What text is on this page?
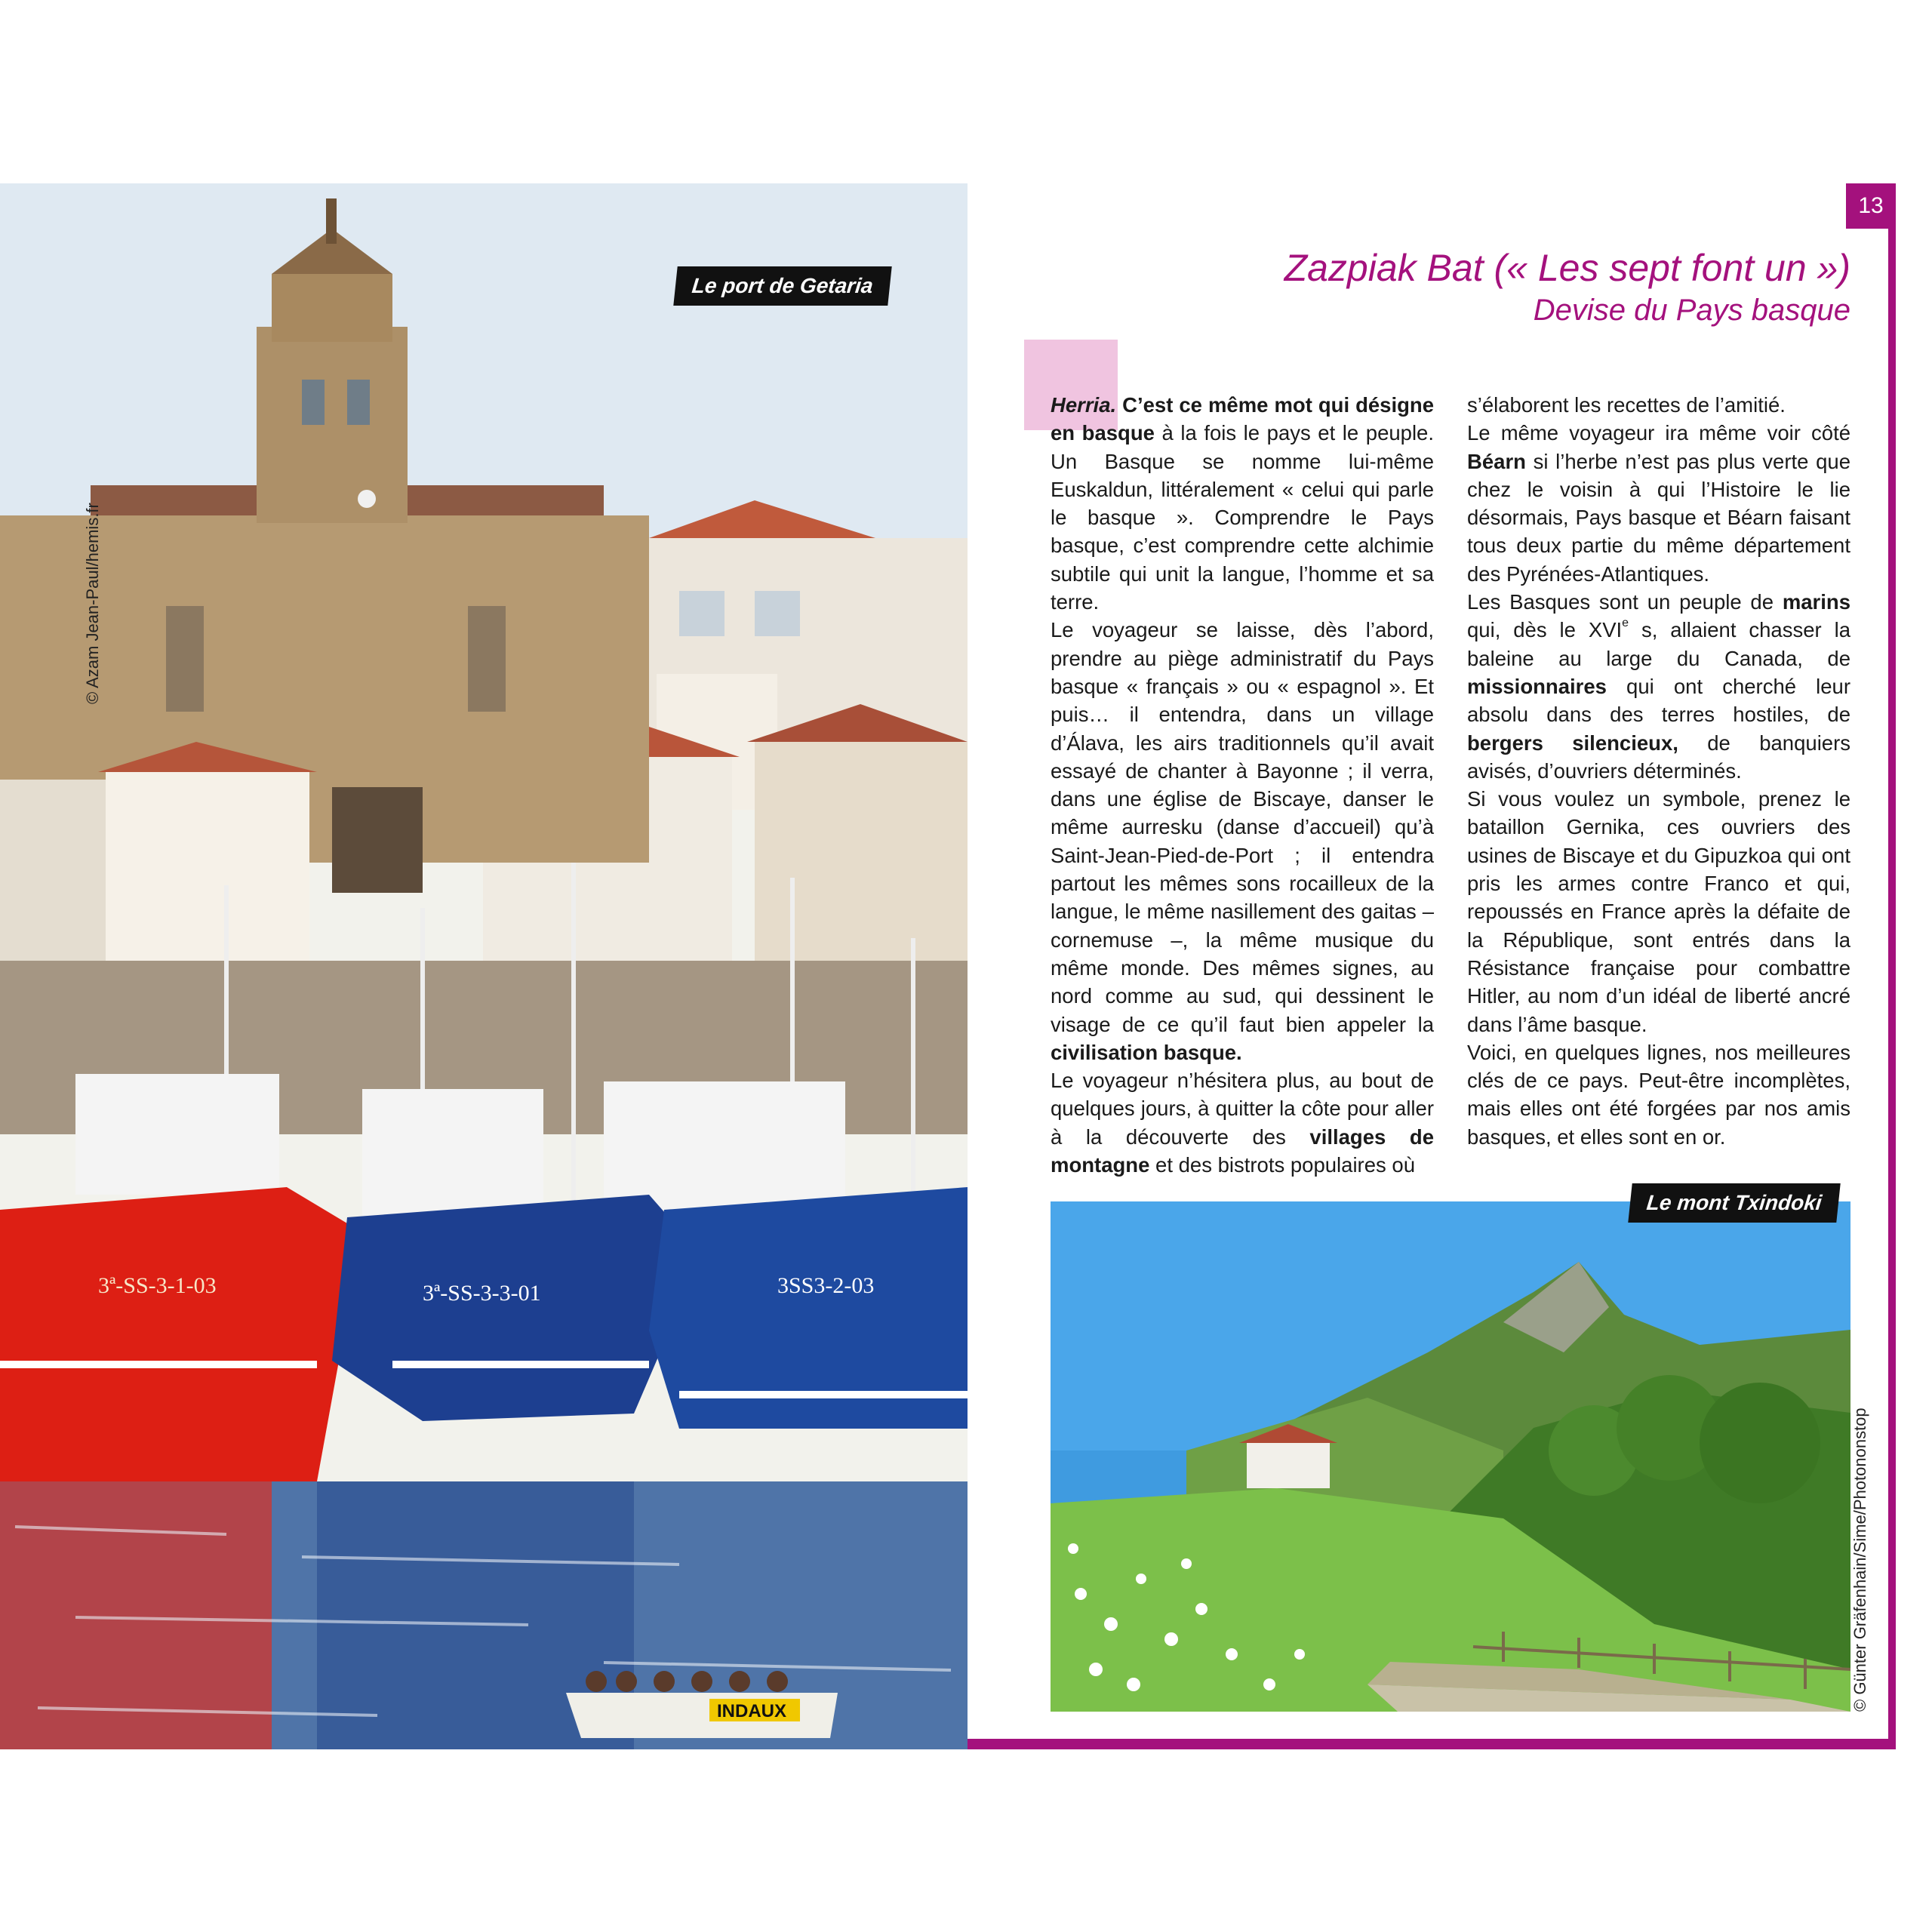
3ª-SS-3-1-03	3ª-SS-3-3-01	3SS3-2-03
INDAUX
© Azam Jean-Paul/hemis.fr
Le port de Getaria
13
Zazpiak Bat (« Les sept font un »)
Devise du Pays basque

Herria. C’est ce même mot qui désigne en basque à la fois le pays et le peuple. Un Basque se nomme lui-même Euskaldun, littéralement « celui qui parle le basque ». Comprendre le Pays basque, c’est comprendre cette alchimie subtile qui unit la langue, l’homme et sa terre.

Le voyageur se laisse, dès l’abord, prendre au piège administratif du Pays basque « français » ou « espagnol ». Et puis… il entendra, dans un village d’Álava, les airs traditionnels qu’il avait essayé de chanter à Bayonne ; il verra, dans une église de Biscaye, danser le même aurresku (danse d’accueil) qu’à Saint-Jean-Pied-de-Port ; il entendra partout les mêmes sons rocailleux de la langue, le même nasillement des gaitas – cornemuse –, la même musique du même monde. Des mêmes signes, au nord comme au sud, qui dessinent le visage de ce qu’il faut bien appeler la civilisation basque.

Le voyageur n’hésitera plus, au bout de quelques jours, à quitter la côte pour aller à la découverte des villages de montagne et des bistrots populaires où

s’élaborent les recettes de l’amitié.

Le même voyageur ira même voir côté Béarn si l’herbe n’est pas plus verte que chez le voisin à qui l’Histoire le lie désormais, Pays basque et Béarn faisant tous deux partie du même département des Pyrénées-Atlantiques.

Les Basques sont un peuple de marins qui, dès le XVIe s, allaient chasser la baleine au large du Canada, de missionnaires qui ont cherché leur absolu dans des terres hostiles, de bergers silencieux, de banquiers avisés, d’ouvriers déterminés.

Si vous voulez un symbole, prenez le bataillon Gernika, ces ouvriers des usines de Biscaye et du Gipuzkoa qui ont pris les armes contre Franco et qui, repoussés en France après la défaite de la République, sont entrés dans la Résistance française pour combattre Hitler, au nom d’un idéal de liberté ancré dans l’âme basque.

Voici, en quelques lignes, nos meilleures clés de ce pays. Peut-être incomplètes, mais elles ont été forgées par nos amis basques, et elles sont en or.

Le mont Txindoki
© Günter Gräfenhain/Sime/Photononstop
